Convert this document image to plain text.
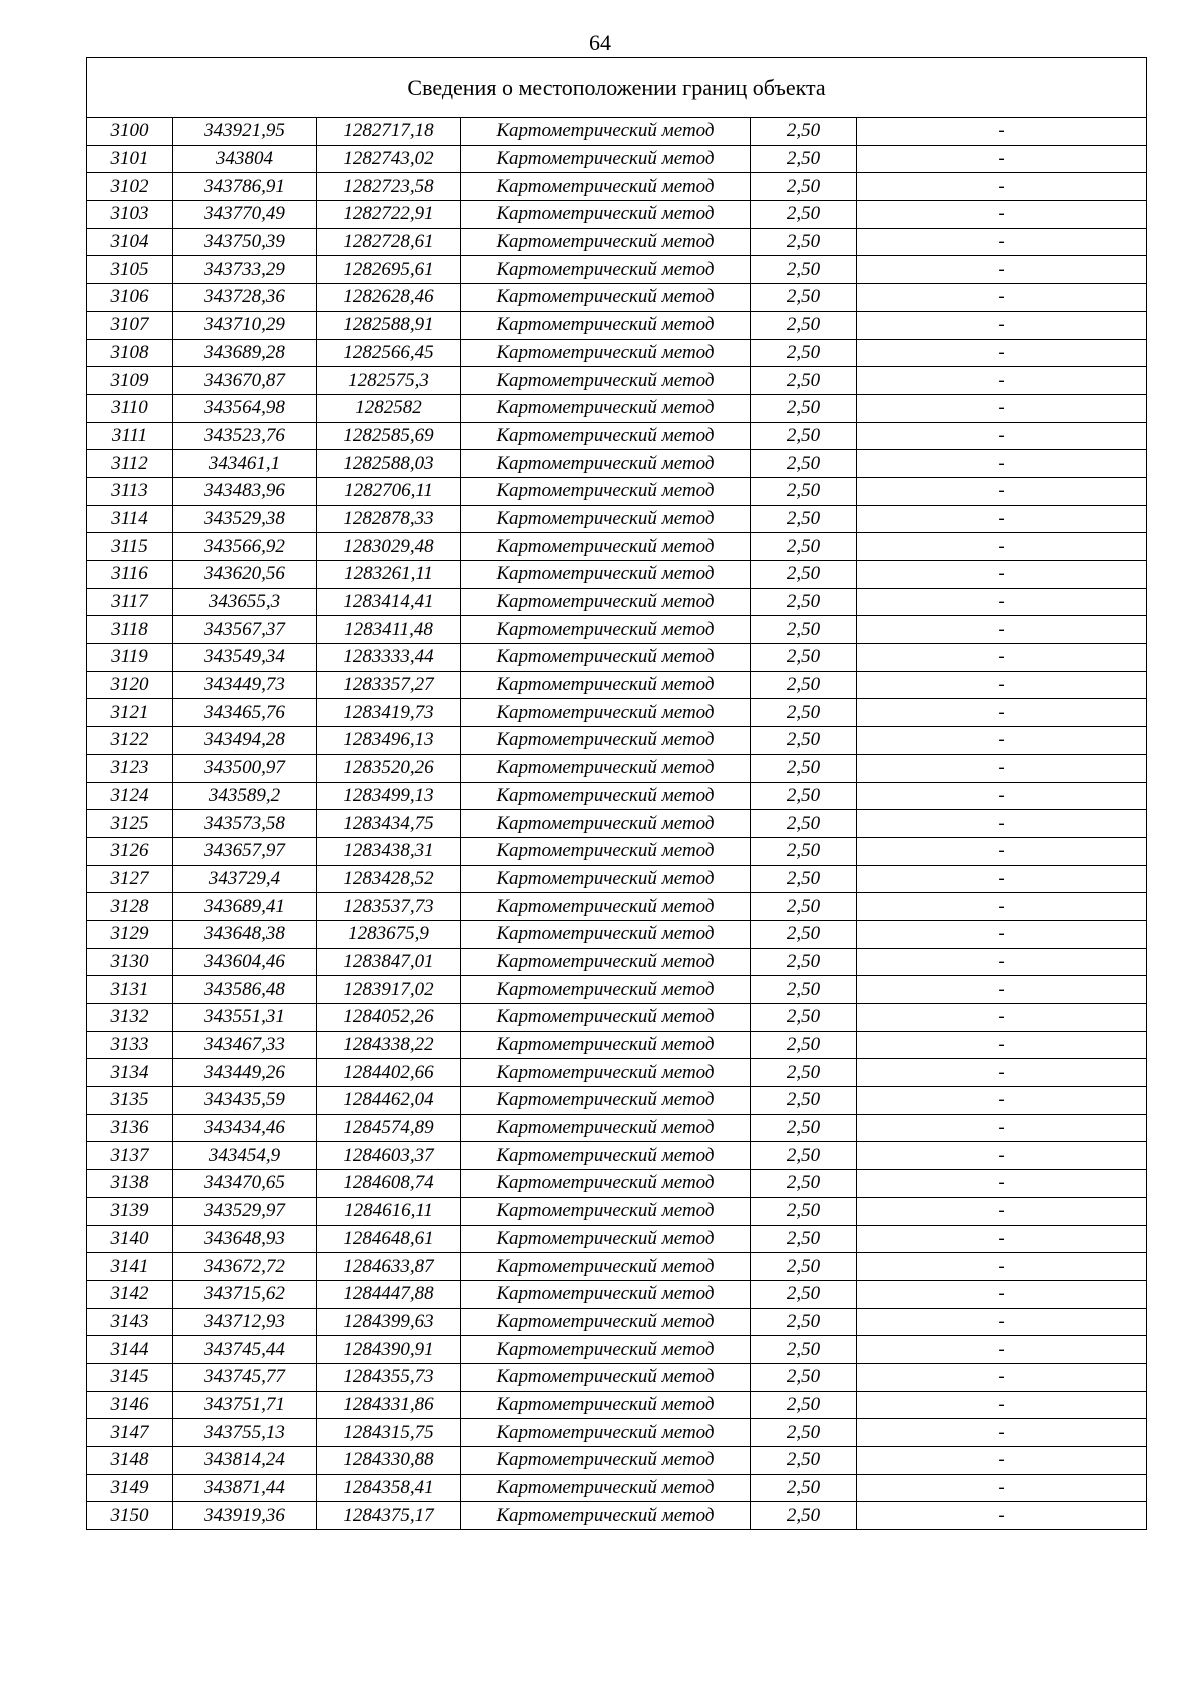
64
Сведения о местоположении границ объекта					
3100	343921,95	1282717,18	Картометрический метод	2,50	-
3101	343804	1282743,02	Картометрический метод	2,50	-
3102	343786,91	1282723,58	Картометрический метод	2,50	-
3103	343770,49	1282722,91	Картометрический метод	2,50	-
3104	343750,39	1282728,61	Картометрический метод	2,50	-
3105	343733,29	1282695,61	Картометрический метод	2,50	-
3106	343728,36	1282628,46	Картометрический метод	2,50	-
3107	343710,29	1282588,91	Картометрический метод	2,50	-
3108	343689,28	1282566,45	Картометрический метод	2,50	-
3109	343670,87	1282575,3	Картометрический метод	2,50	-
3110	343564,98	1282582	Картометрический метод	2,50	-
3111	343523,76	1282585,69	Картометрический метод	2,50	-
3112	343461,1	1282588,03	Картометрический метод	2,50	-
3113	343483,96	1282706,11	Картометрический метод	2,50	-
3114	343529,38	1282878,33	Картометрический метод	2,50	-
3115	343566,92	1283029,48	Картометрический метод	2,50	-
3116	343620,56	1283261,11	Картометрический метод	2,50	-
3117	343655,3	1283414,41	Картометрический метод	2,50	-
3118	343567,37	1283411,48	Картометрический метод	2,50	-
3119	343549,34	1283333,44	Картометрический метод	2,50	-
3120	343449,73	1283357,27	Картометрический метод	2,50	-
3121	343465,76	1283419,73	Картометрический метод	2,50	-
3122	343494,28	1283496,13	Картометрический метод	2,50	-
3123	343500,97	1283520,26	Картометрический метод	2,50	-
3124	343589,2	1283499,13	Картометрический метод	2,50	-
3125	343573,58	1283434,75	Картометрический метод	2,50	-
3126	343657,97	1283438,31	Картометрический метод	2,50	-
3127	343729,4	1283428,52	Картометрический метод	2,50	-
3128	343689,41	1283537,73	Картометрический метод	2,50	-
3129	343648,38	1283675,9	Картометрический метод	2,50	-
3130	343604,46	1283847,01	Картометрический метод	2,50	-
3131	343586,48	1283917,02	Картометрический метод	2,50	-
3132	343551,31	1284052,26	Картометрический метод	2,50	-
3133	343467,33	1284338,22	Картометрический метод	2,50	-
3134	343449,26	1284402,66	Картометрический метод	2,50	-
3135	343435,59	1284462,04	Картометрический метод	2,50	-
3136	343434,46	1284574,89	Картометрический метод	2,50	-
3137	343454,9	1284603,37	Картометрический метод	2,50	-
3138	343470,65	1284608,74	Картометрический метод	2,50	-
3139	343529,97	1284616,11	Картометрический метод	2,50	-
3140	343648,93	1284648,61	Картометрический метод	2,50	-
3141	343672,72	1284633,87	Картометрический метод	2,50	-
3142	343715,62	1284447,88	Картометрический метод	2,50	-
3143	343712,93	1284399,63	Картометрический метод	2,50	-
3144	343745,44	1284390,91	Картометрический метод	2,50	-
3145	343745,77	1284355,73	Картометрический метод	2,50	-
3146	343751,71	1284331,86	Картометрический метод	2,50	-
3147	343755,13	1284315,75	Картометрический метод	2,50	-
3148	343814,24	1284330,88	Картометрический метод	2,50	-
3149	343871,44	1284358,41	Картометрический метод	2,50	-
3150	343919,36	1284375,17	Картометрический метод	2,50	-
